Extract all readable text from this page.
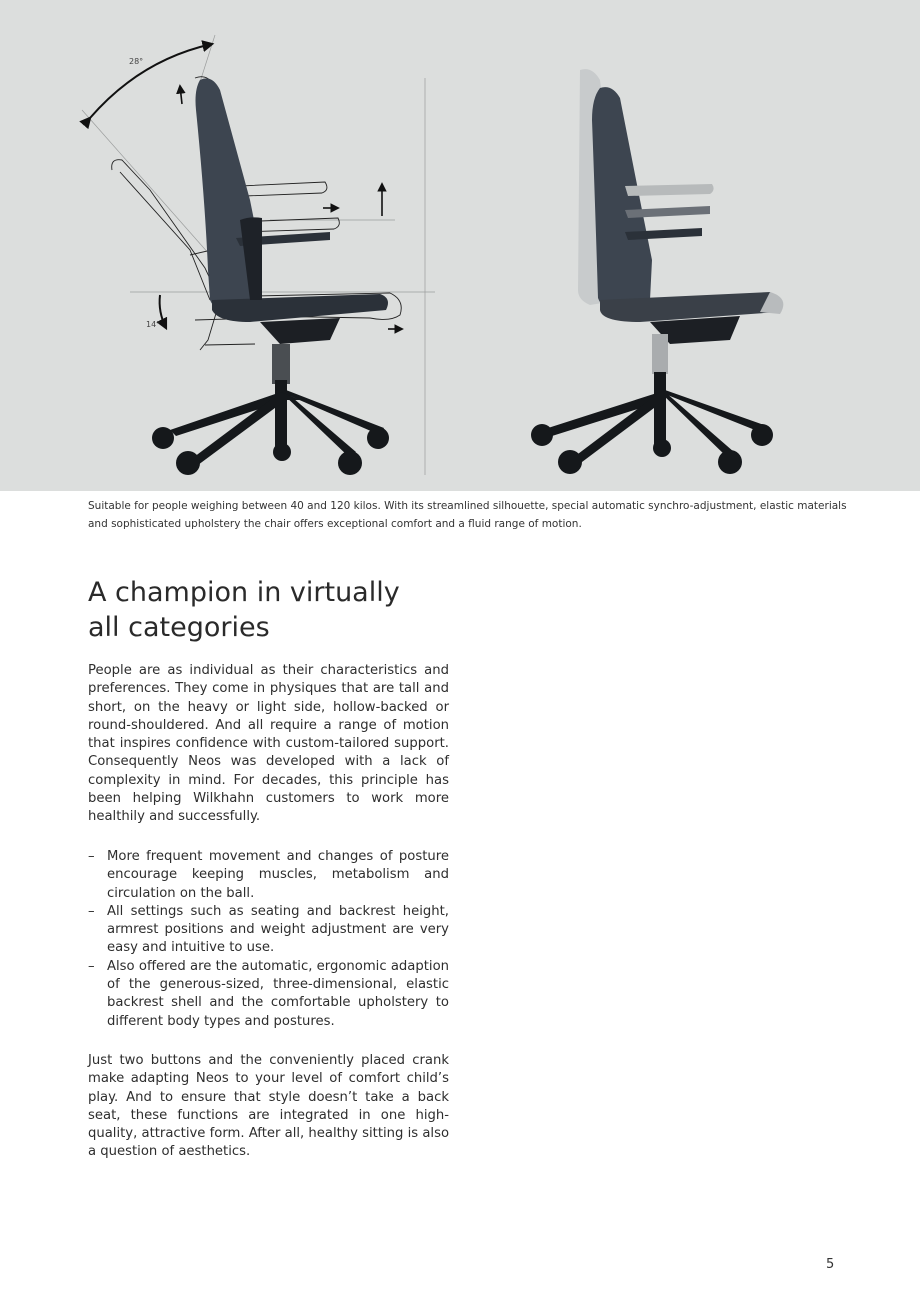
28°
14°
Suitable for people weighing between 40 and 120 kilos. With its streamlined silhouette, special automatic synchro-adjustment, elastic materials and sophisticated upholstery the chair offers exceptional comfort and a fluid range of motion.
A champion in virtually
all categories

People are as individual as their characteristics and preferences. They come in physiques that are tall and short, on the heavy or light side, hollow-backed or round-shouldered. And all require a range of motion that inspires confidence with custom-tailored support. Consequently Neos was developed with a lack of complexity in mind. For decades, this principle has been helping Wilkhahn customers to work more healthily and successfully.

– More frequent movement and changes of posture encourage keeping muscles, metabolism and circulation on the ball.
– All settings such as seating and backrest height, armrest positions and weight adjustment are very easy and intuitive to use.
– Also offered are the automatic, ergonomic adaption of the generous-sized, three-dimensional, elastic backrest shell and the comfortable upholstery to different body types and postures.

Just two buttons and the conveniently placed crank make adapting Neos to your level of comfort child’s play. And to ensure that style doesn’t take a back seat, these functions are integrated in one high-quality, attractive form. After all, healthy sitting is also a question of aesthetics.

5
